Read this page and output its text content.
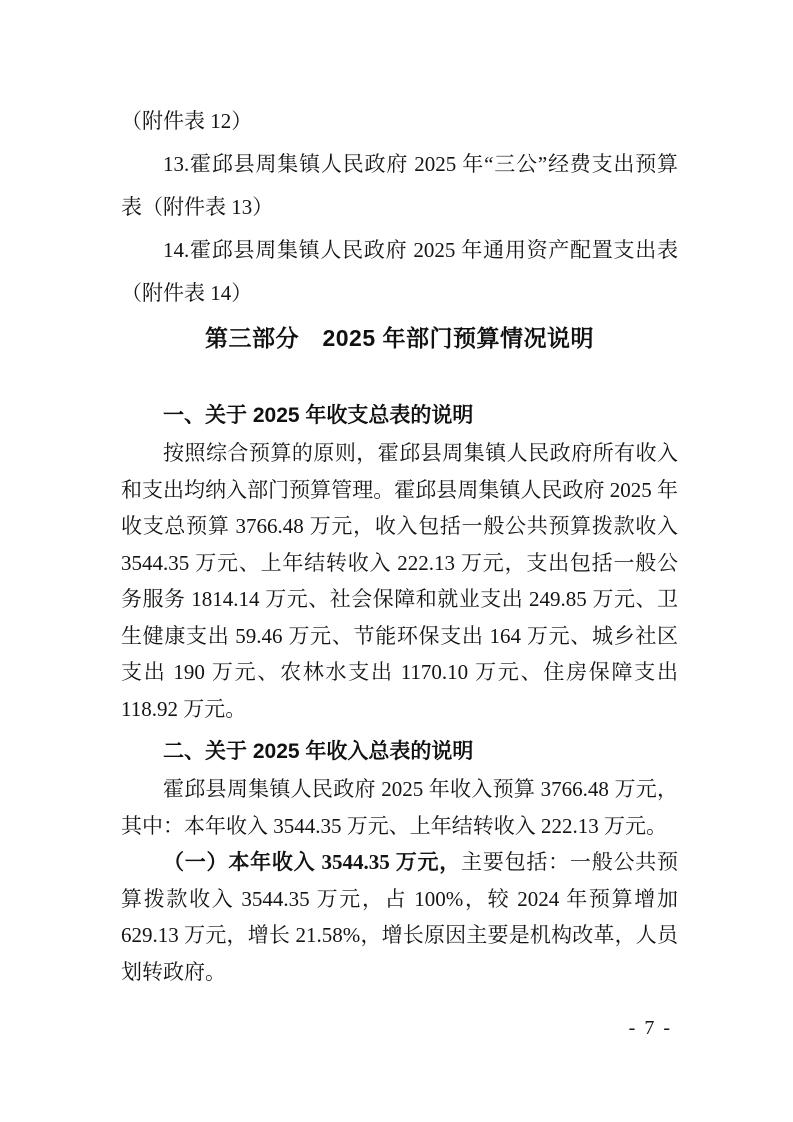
（附件表 12）

13.霍邱县周集镇人民政府 2025 年“三公”经费支出预算表（附件表 13）

14.霍邱县周集镇人民政府 2025 年通用资产配置支出表（附件表 14）

第三部分　2025 年部门预算情况说明
一、关于 2025 年收支总表的说明

按照综合预算的原则，霍邱县周集镇人民政府所有收入和支出均纳入部门预算管理。霍邱县周集镇人民政府 2025 年收支总预算 3766.48 万元，收入包括一般公共预算拨款收入 3544.35 万元、上年结转收入 222.13 万元，支出包括一般公务服务 1814.14 万元、社会保障和就业支出 249.85 万元、卫生健康支出 59.46 万元、节能环保支出 164 万元、城乡社区支出 190 万元、农林水支出 1170.10 万元、住房保障支出 118.92 万元。

二、关于 2025 年收入总表的说明

霍邱县周集镇人民政府 2025 年收入预算 3766.48 万元，其中：本年收入 3544.35 万元、上年结转收入 222.13 万元。

（一）本年收入 3544.35 万元，主要包括：一般公共预算拨款收入 3544.35 万元，占 100%，较 2024 年预算增加 629.13 万元，增长 21.58%，增长原因主要是机构改革，人员划转政府。

- 7 -
